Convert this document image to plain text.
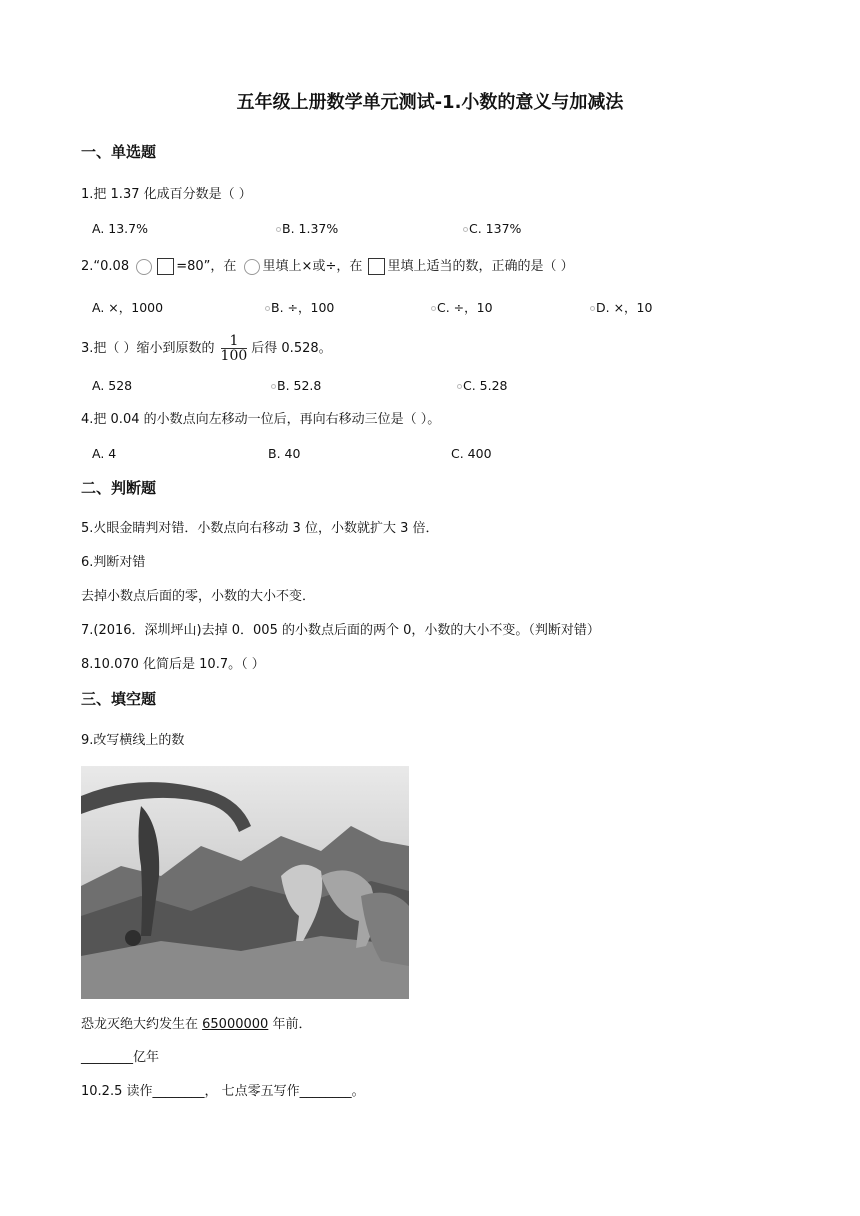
五年级上册数学单元测试-1.小数的意义与加减法
一、单选题
1.把 1.37 化成百分数是（ ）
A. 13.7%	B. 1.37%	C. 137%
2.“0.08	=80”，在 里填上×或÷，在 里填上适当的数，正确的是（ ）
A. ×，1000	B. ÷，100	C. ÷，10	D. ×，10
3.把（ ）缩小到原数的 $\frac{1}{100}$ 后得 0.528。
A. 528	B. 52.8	C. 5.28
4.把 0.04 的小数点向左移动一位后，再向右移动三位是（ ）。
A. 4	B. 40	C. 400
二、判断题
5.火眼金睛判对错．小数点向右移动 3 位，小数就扩大 3 倍．
6.判断对错
去掉小数点后面的零，小数的大小不变．
7.(2016．深圳坪山)去掉 0．005 的小数点后面的两个 0，小数的大小不变。（判断对错）
8.10.070 化简后是 10.7。（ ）
三、填空题
9.改写横线上的数
恐龙灭绝大约发生在 65000000 年前．
________亿年
10.2.5 读作________， 七点零五写作________。
